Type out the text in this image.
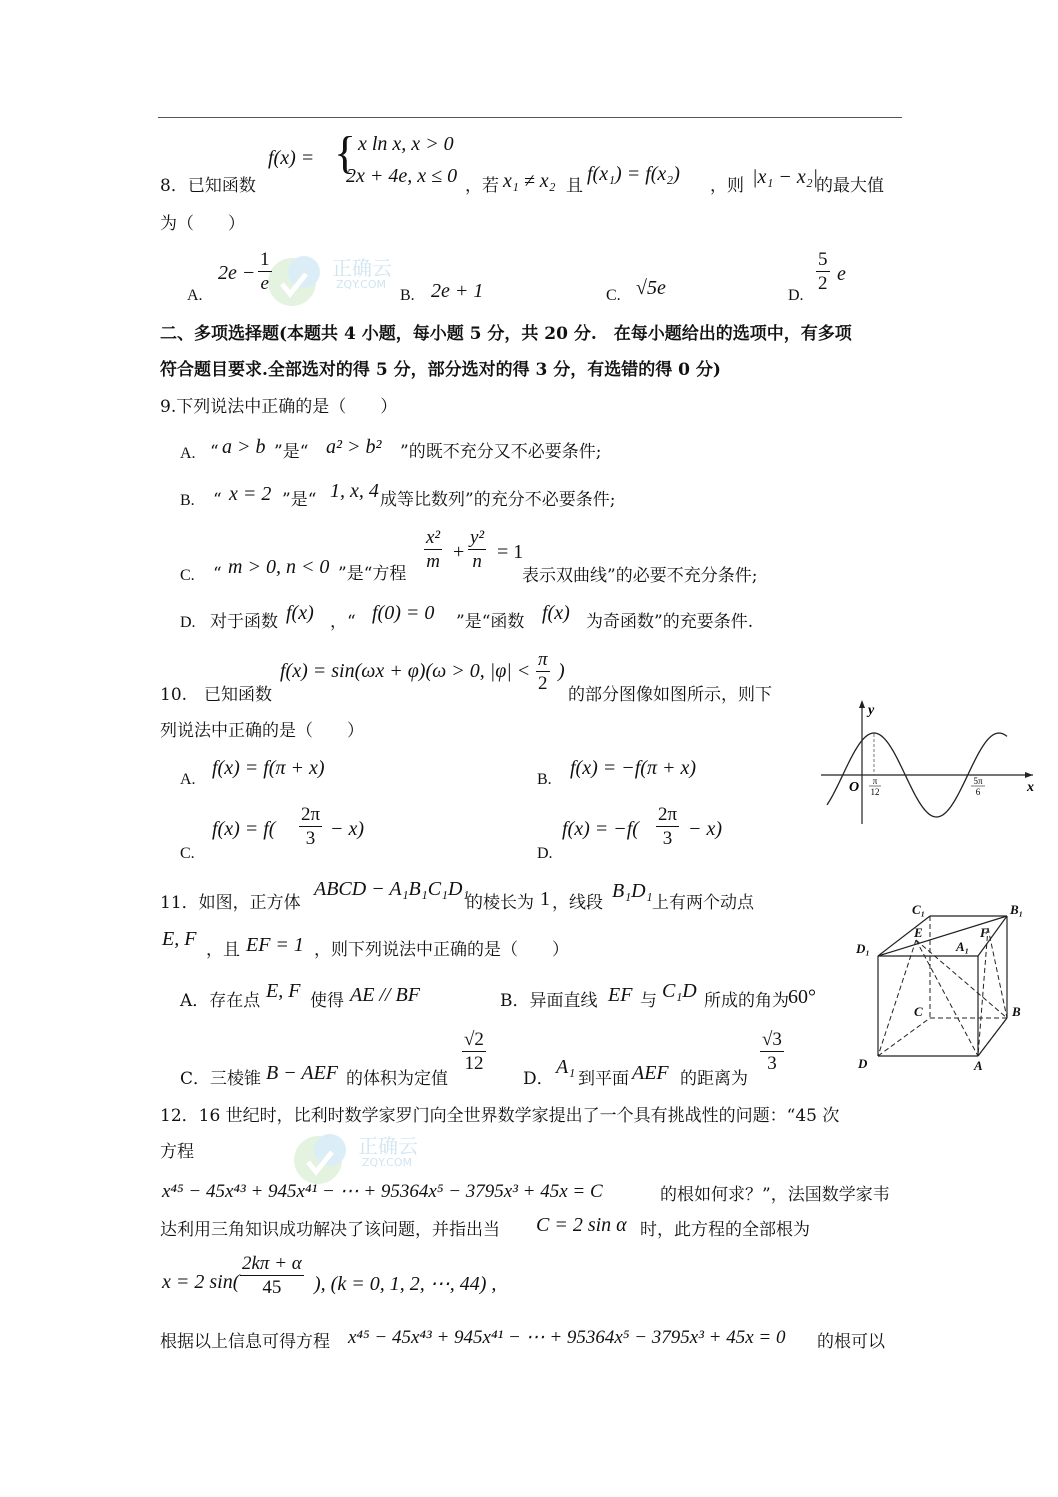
正确云
ZQY.COM
正确云
ZQY.COM
8．已知函数
f(x) = { x ln x, x > 0
2x + 4e, x ≤ 0 ，若 x₁ ≠ x₂ 且
f(x₁) = f(x₂)
，则 |x₁ − x₂|
的最大值
为（　　）
A.
$2e - \frac{1}{e}$
B. 2e + 1	C. √5e	D.
$\frac{5}{2}$ e
二、多项选择题(本题共 4 小题，每小题 5 分，共 20 分.　在每小题给出的选项中，有多项
符合题目要求.全部选对的得 5 分，部分选对的得 3 分，有选错的得 0 分)
9.下列说法中正确的是（　　）
A. “ a > b ”是“ a² > b² ”的既不充分又不必要条件;
B. “ x = 2 ”是“ 1, x, 4 成等比数列”的充分不必要条件;
C. “ m > 0, n < 0 ”是“方程
$\frac{\text{x²}}{m} + \frac{\text{y²}}{n} = 1$
表示双曲线”的必要不充分条件;
D. 对于函数 f(x) ，“ f(0) = 0 ”是“函数 f(x) 为奇函数”的充要条件.
10.　已知函数
f(x) = sin(ωx + φ)(ω > 0, $|\varphi| < \frac{\pi}{2}$ )
的部分图像如图所示，则下
列说法中正确的是（　　）
A.
f(x) = f(π + x)
B.
f(x) = −f(π + x)
C.
$f(x) = f( \frac{2\pi}{3} - x)$
D.
$f(x) = -f( \frac{2\pi}{3} - x)$
y
x
O π
12
5π
6
11．如图，正方体
ABCD − A₁B₁C₁D₁
的棱长为 1 ，线段
B₁D₁
上有两个动点
E, F ，且 EF = 1 ，则下列说法中正确的是（　　）
A．存在点 E, F 使得 AE // BF	B．异面直线 EF 与 C₁D 所成的角为 60°
C．三棱锥 B − AEF 的体积为定值
$\frac{√2}{12}$
D．
A₁
到平面 AEF 的距离为
$\frac{√3}{3}$
C₁	B₁
D₁	A₁
E	F
C	B
D	A
12．16 世纪时，比利时数学家罗门向全世界数学家提出了一个具有挑战性的问题：“45 次
方程
x⁴⁵ − 45x⁴³ + 945x⁴¹ − ⋯ + 95364x⁵ − 3795x³ + 45x = C	的根如何求？”，法国数学家韦
达利用三角知识成功解决了该问题，并指出当 C = 2 sin α 时，此方程的全部根为
x = 2 $\sin( \frac{2k\pi + \alpha}{45}$ ), (k = 0, 1, 2, ⋯, 44) ,
根据以上信息可得方程 x⁴⁵ − 45x⁴³ + 945x⁴¹ − ⋯ + 95364x⁵ − 3795x³ + 45x = 0 的根可以
